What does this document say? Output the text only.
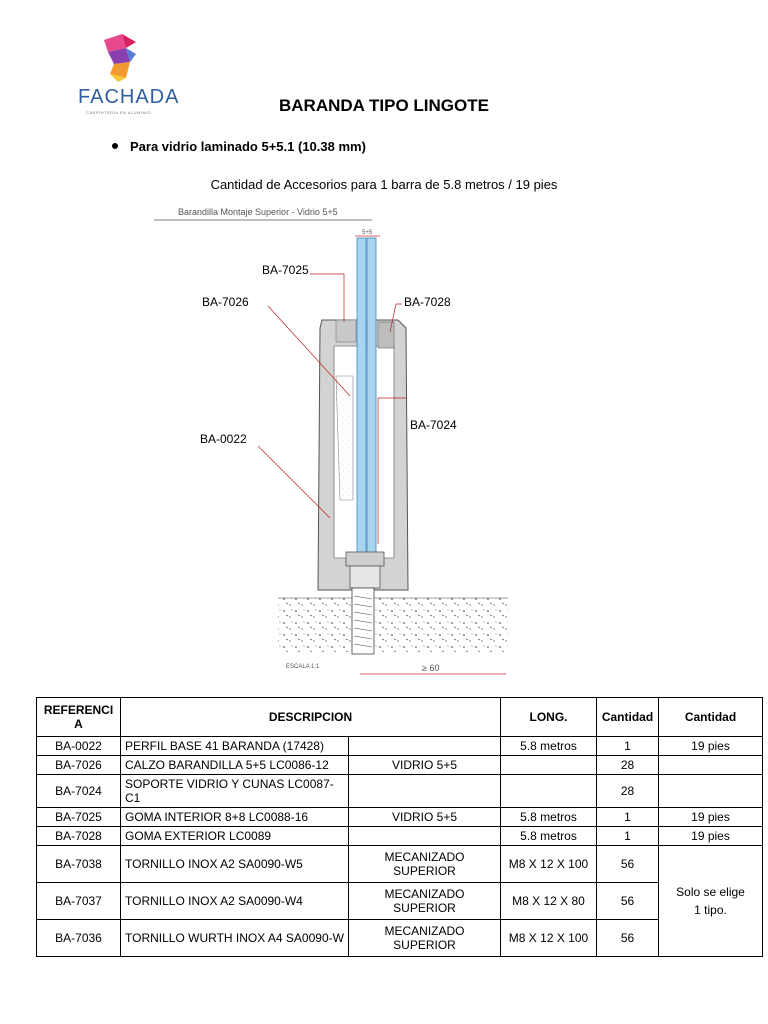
FACHADA
CARPINTERIA EN ALUMINIO	BARANDA TIPO LINGOTE
Para vidrio laminado 5+5.1 (10.38 mm)
Cantidad de Accesorios para 1 barra de 5.8 metros / 19 pies
Barandilla Montaje Superior - Vidrio 5+5
5+5
≥ 60
ESCALA 1:1
BA-7025
BA-7026	BA-7028
BA-7024
BA-0022
REFERENCIA	DESCRIPCION		LONG.	Cantidad	Cantidad
BA-0022	PERFIL BASE 41 BARANDA (17428)		5.8 metros	1	19 pies
BA-7026	CALZO BARANDILLA 5+5 LC0086-12	VIDRIO 5+5		28	
BA-7024	SOPORTE VIDRIO Y CUNAS LC0087-C1			28	
BA-7025	GOMA INTERIOR 8+8 LC0088-16	VIDRIO 5+5	5.8 metros	1	19 pies
BA-7028	GOMA EXTERIOR LC0089		5.8 metros	1	19 pies
BA-7038	TORNILLO INOX A2 SA0090-W5	MECANIZADO SUPERIOR	M8 X 12 X 100	56	Solo se elige 1 tipo.
BA-7037	TORNILLO INOX A2 SA0090-W4	MECANIZADO SUPERIOR	M8 X 12 X 80	56	
BA-7036	TORNILLO WURTH INOX A4 SA0090-W	MECANIZADO SUPERIOR	M8 X 12 X 100	56	
